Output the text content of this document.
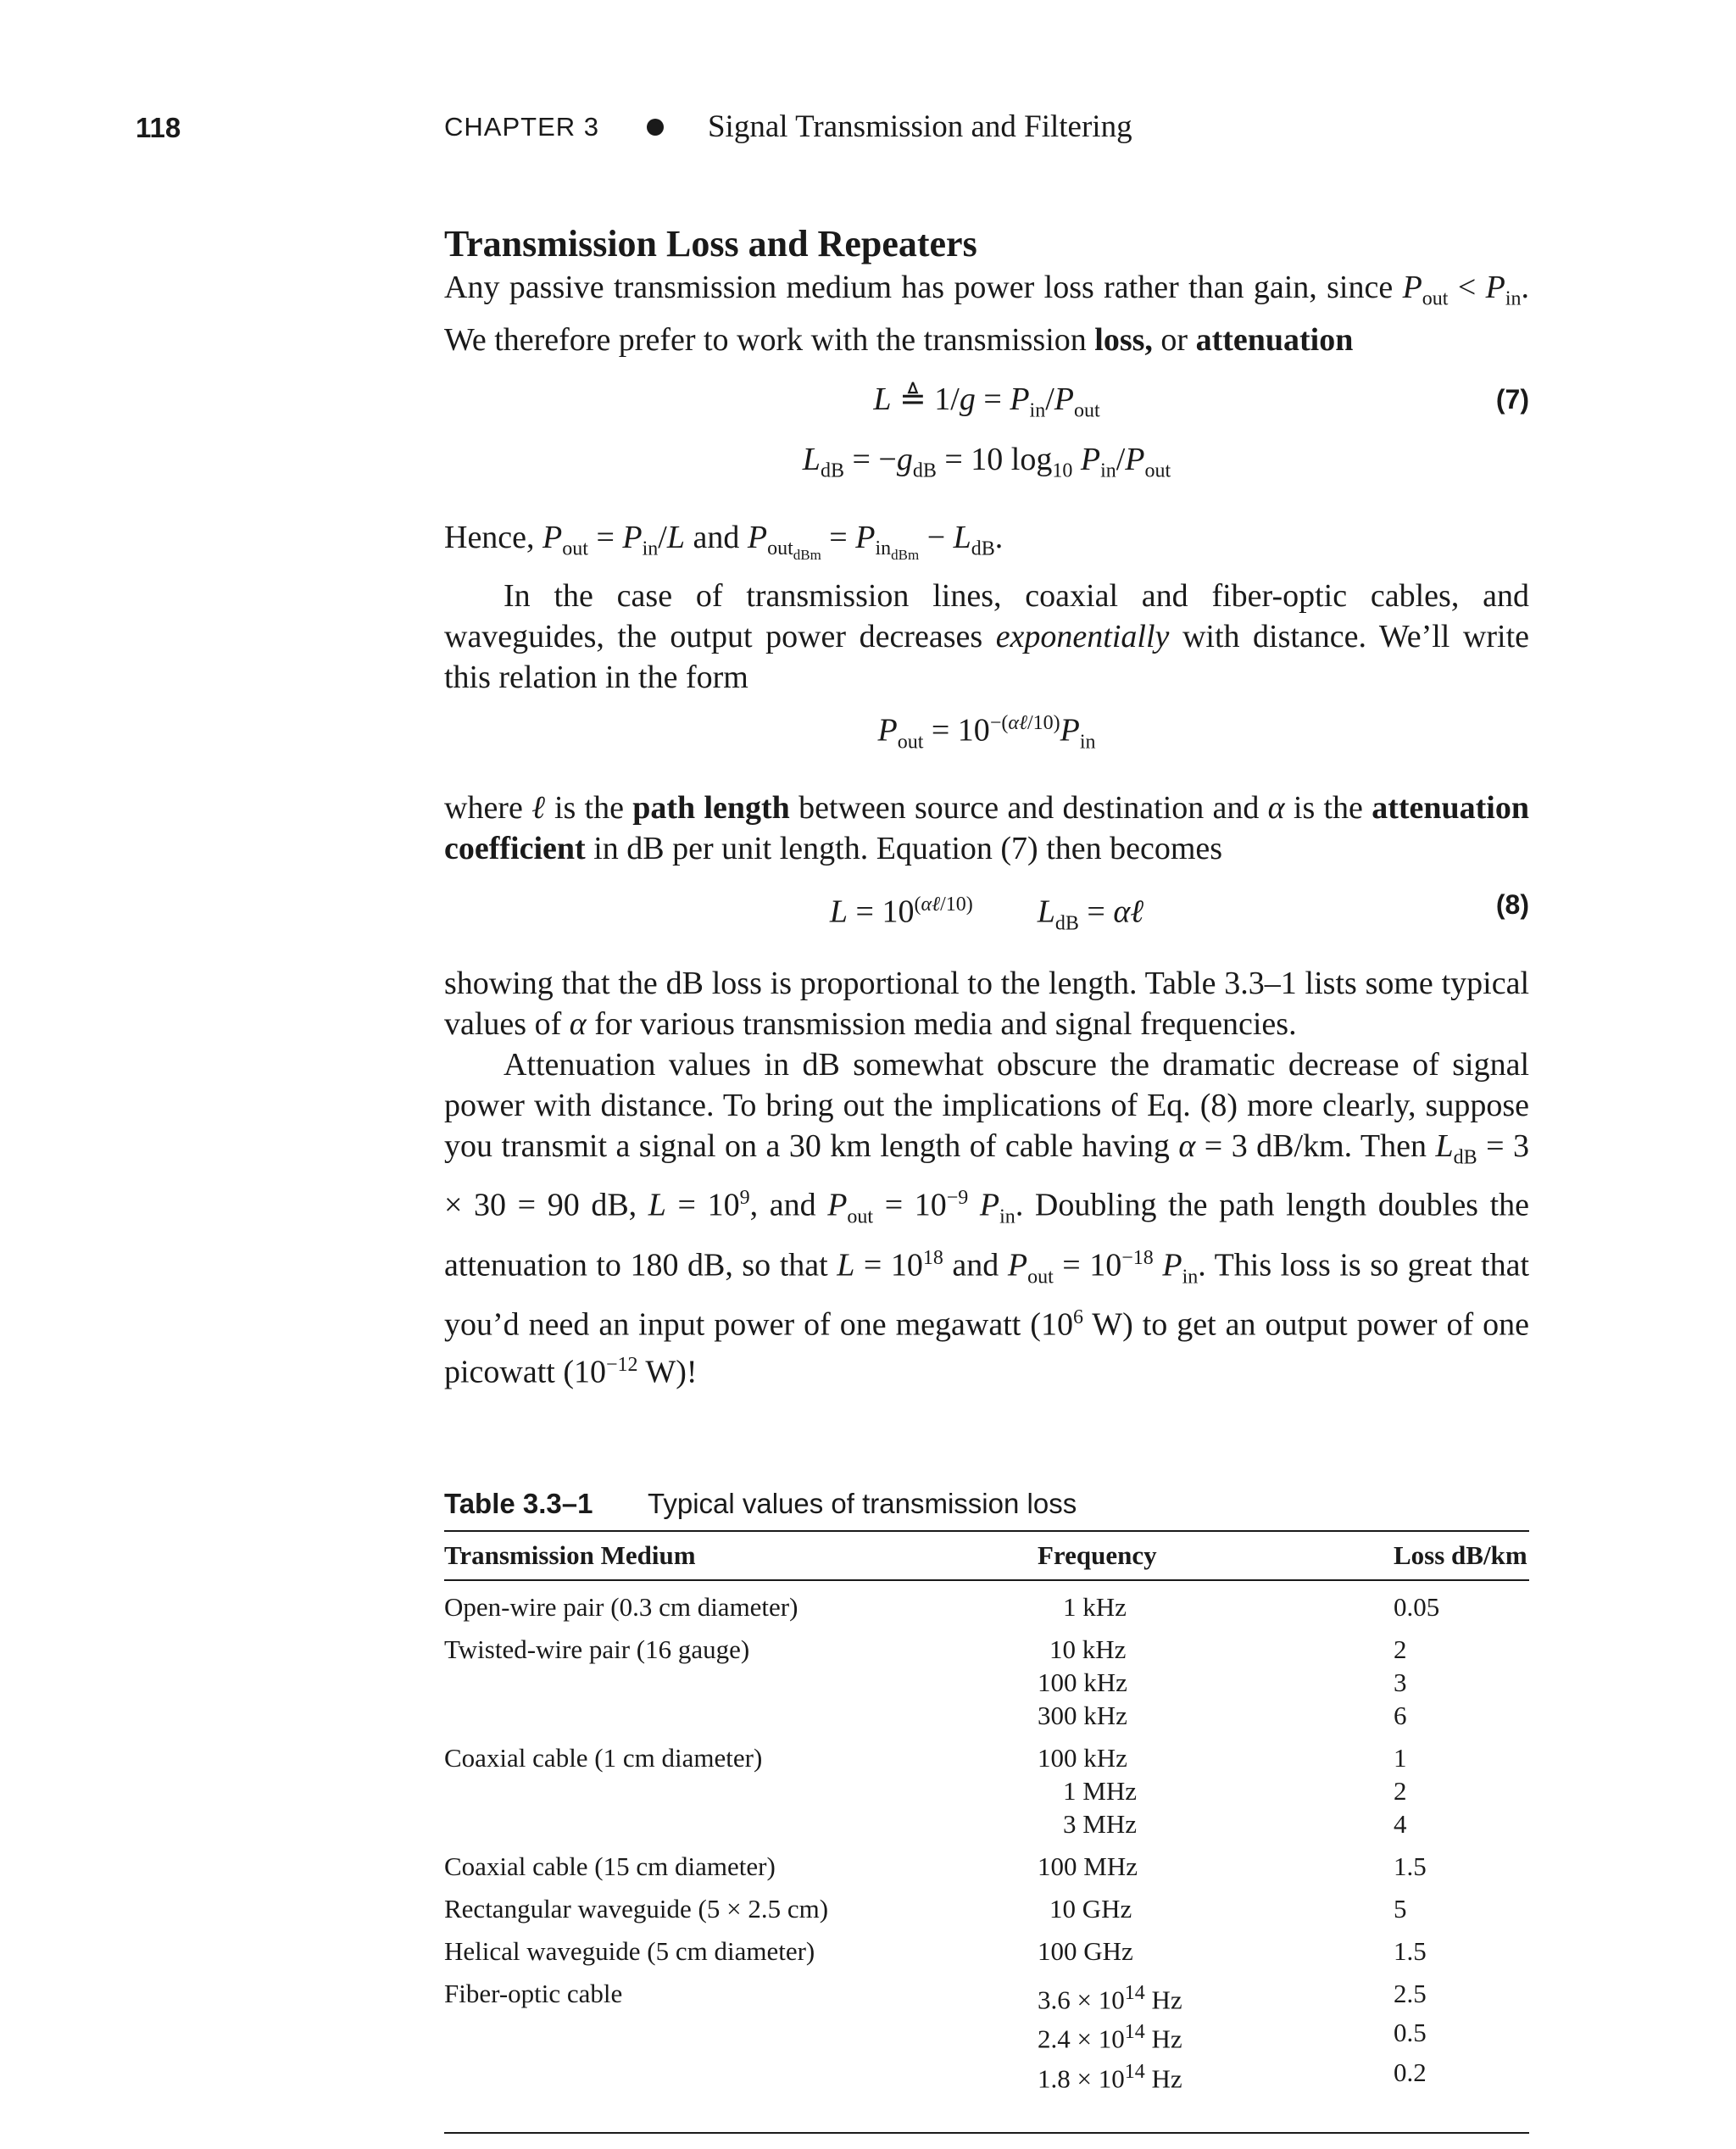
118	CHAPTER 3	Signal Transmission and Filtering
Transmission Loss and Repeaters

Any passive transmission medium has power loss rather than gain, since $P_{out} < P_{in}$. We therefore prefer to work with the transmission loss, or attenuation

L ≜ $1/g = P_{in}/P_{out}$	(7)
$L_{dB} = -g_{dB} = 10$ $\log_{10} P_{in}/P_{out}$

Hence, $P_{out} = P_{in}/L$ and $P_{out_{dBm}} = P_{in_{dBm}} - L_{dB}$.

In the case of transmission lines, coaxial and fiber-optic cables, and waveguides, the output power decreases exponentially with distance. We’ll write this relation in the form

$P_{out} = 10^{-(\alpha\ell/10)}P_{in}$

where ℓ is the path length between source and destination and α is the attenuation coefficient in dB per unit length. Equation (7) then becomes

$L = 10^{(\alpha\ell/10)}$ $L_{dB}$ = αℓ	(8)

showing that the dB loss is proportional to the length. Table 3.3–1 lists some typical values of α for various transmission media and signal frequencies.

Attenuation values in dB somewhat obscure the dramatic decrease of signal power with distance. To bring out the implications of Eq. (8) more clearly, suppose you transmit a signal on a 30 km length of cable having α = 3 dB/km. Then $L_{dB} = 3 \times 30 = 90$ dB, $L = 10^9$, and $P_{out} = 10^{-9}$ $P_{in}$. Doubling the path length doubles the attenuation to 180 dB, so that $L = 10^{18}$ and $P_{out} = 10^{-18}$ $P_{in}$. This loss is so great that you’d need an input power of one megawatt ($10^6$ W) to get an output power of one picowatt ($10^{-12}$ W)!

Table 3.3–1	Typical values of transmission loss
Transmission Medium	Frequency	Loss dB/km
Open-wire pair (0.3 cm diameter)	1 kHz	0.05
Twisted-wire pair (16 gauge)	10 kHz	2
	100 kHz	3
	300 kHz	6
Coaxial cable (1 cm diameter)	100 kHz	1
	1 MHz	2
	3 MHz	4
Coaxial cable (15 cm diameter)	100 MHz	1.5
Rectangular waveguide (5 × 2.5 cm)	10 GHz	5
Helical waveguide (5 cm diameter)	100 GHz	1.5
Fiber-optic cable	$3.6 \times 10^{14}$ Hz	2.5
	$2.4 \times 10^{14}$ Hz	0.5
	$1.8 \times 10^{14}$ Hz	0.2
